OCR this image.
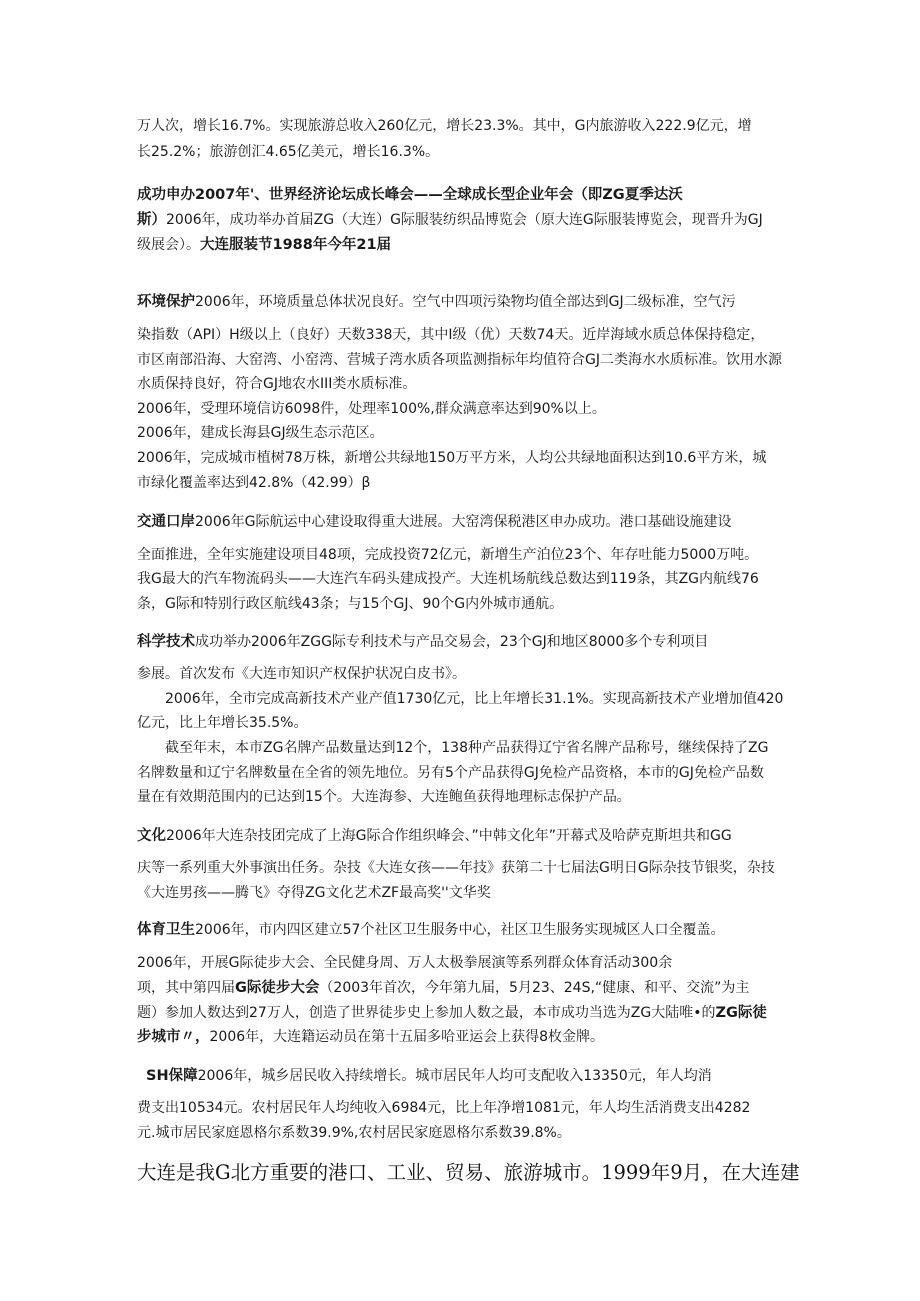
万人次，增长16.7%。实现旅游总收入260亿元，增长23.3%。其中，G内旅游收入222.9亿元，增

长25.2%；旅游创汇4.65亿美元，增长16.3%。

成功申办2007年'、世界经济论坛成长峰会——全球成长型企业年会（即ZG夏季达沃

斯）2006年，成功举办首届ZG（大连）G际服装纺织品博览会（原大连G际服装博览会，现晋升为GJ

级展会）。大连服装节1988年今年21届

环境保护2006年，环境质量总体状况良好。空气中四项污染物均值全部达到GJ二级标准，空气污

染指数（API）H级以上（良好）天数338天，其中I级（优）天数74天。近岸海域水质总体保持稳定，

市区南部沿海、大窑湾、小窑湾、营城子湾水质各项监测指标年均值符合GJ二类海水水质标准。饮用水源

水质保持良好，符合GJ地农水III类水质标准。

2006年，受理环境信访6098件，处理率100%,群众满意率达到90%以上。

2006年，建成长海县GJ级生态示范区。

2006年，完成城市植树78万株，新增公共绿地150万平方米，人均公共绿地面积达到10.6平方米，城

市绿化覆盖率达到42.8%（42.99）β

交通口岸2006年G际航运中心建设取得重大进展。大窑湾保税港区申办成功。港口基础设施建设

全面推进，全年实施建设项目48项，完成投资72亿元，新增生产泊位23个、年存吐能力5000万吨。

我G最大的汽车物流码头——大连汽车码头建成投产。大连机场航线总数达到119条，其ZG内航线76

条，G际和特别行政区航线43条；与15个GJ、90个G内外城市通航。

科学技术成功举办2006年ZGG际专利技术与产品交易会，23个GJ和地区8000多个专利项目

参展。首次发布《大连市知识产权保护状况白皮书》。

2006年，全市完成高新技术产业产值1730亿元，比上年增长31.1%。实现高新技术产业增加值420

亿元，比上年增长35.5%。

截至年末，本市ZG名牌产品数量达到12个，138种产品获得辽宁省名牌产品称号，继续保持了ZG

名牌数量和辽宁名牌数量在全省的领先地位。另有5个产品获得GJ免检产品资格，本市的GJ免检产品数

量在有效期范围内的已达到15个。大连海参、大连鲍鱼获得地理标志保护产品。

文化2006年大连杂技团完成了上海G际合作组织峰会、”中韩文化年”开幕式及哈萨克斯坦共和GG

庆等一系列重大外事演出任务。杂技《大连女孩——年技》获第二十七届法G明日G际杂技节银奖，杂技

《大连男孩——腾飞》夺得ZG文化艺术ZF最高奖''文华奖

体育卫生2006年，市内四区建立57个社区卫生服务中心，社区卫生服务实现城区人口全覆盖。

2006年，开展G际徒步大会、全民健身周、万人太极拳展演等系列群众体育活动300余

项，其中第四届G际徒步大会（2003年首次，今年第九届，5月23、24S,“健康、和平、交流”为主

题）参加人数达到27万人，创造了世界徒步史上参加人数之最，本市成功当选为ZG大陆唯•的ZG际徒

步城市〃，2006年，大连籍运动员在第十五届多哈亚运会上获得8枚金牌。

SH保障2006年，城乡居民收入持续增长。城市居民年人均可支配收入13350元，年人均消

费支出10534元。农村居民年人均纯收入6984元，比上年净增1081元，年人均生活消费支出4282

元.城市居民家庭恩格尔系数39.9%,农村居民家庭恩格尔系数39.8%。

大连是我G北方重要的港口、工业、贸易、旅游城市。1999年9月，在大连建
